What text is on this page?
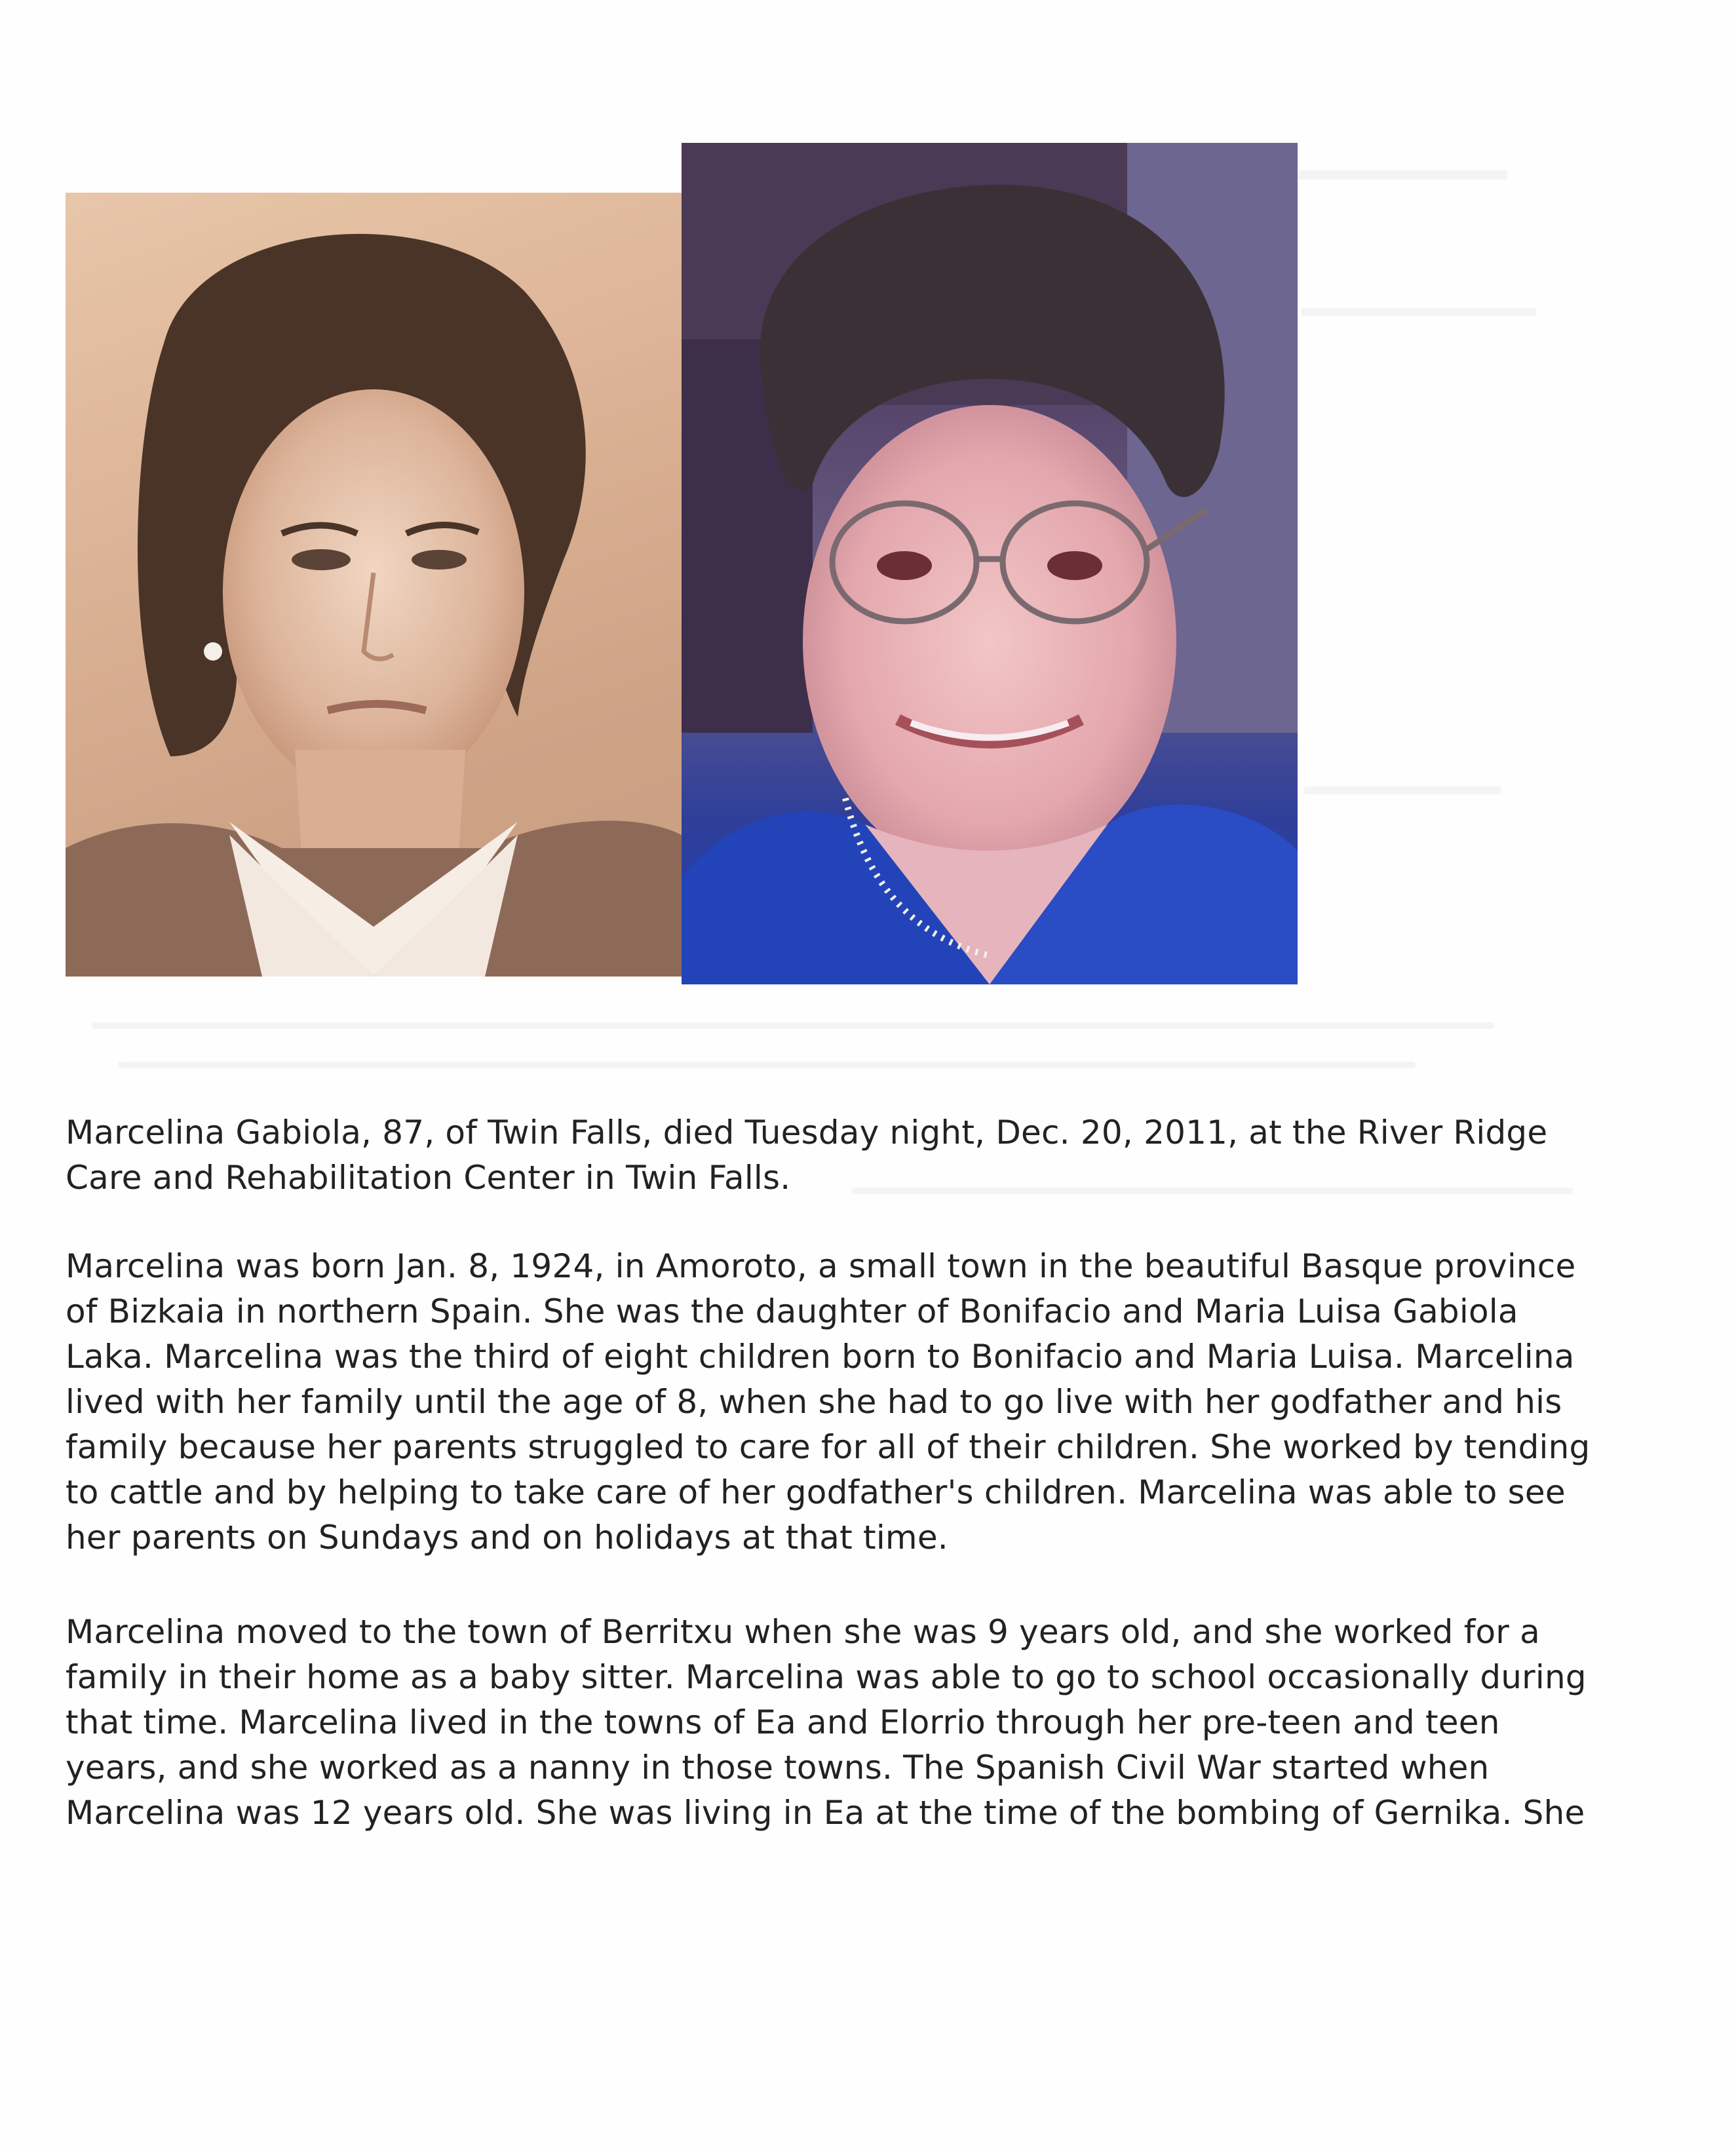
Marcelina Gabiola, 87, of Twin Falls, died Tuesday night, Dec. 20, 2011, at the River Ridge
Care and Rehabilitation Center in Twin Falls.
Marcelina was born Jan. 8, 1924, in Amoroto, a small town in the beautiful Basque province
of Bizkaia in northern Spain. She was the daughter of Bonifacio and Maria Luisa Gabiola
Laka. Marcelina was the third of eight children born to Bonifacio and Maria Luisa. Marcelina
lived with her family until the age of 8, when she had to go live with her godfather and his
family because her parents struggled to care for all of their children. She worked by tending
to cattle and by helping to take care of her godfather's children. Marcelina was able to see
her parents on Sundays and on holidays at that time.
Marcelina moved to the town of Berritxu when she was 9 years old, and she worked for a
family in their home as a baby sitter. Marcelina was able to go to school occasionally during
that time. Marcelina lived in the towns of Ea and Elorrio through her pre-teen and teen
years, and she worked as a nanny in those towns. The Spanish Civil War started when
Marcelina was 12 years old. She was living in Ea at the time of the bombing of Gernika. She
